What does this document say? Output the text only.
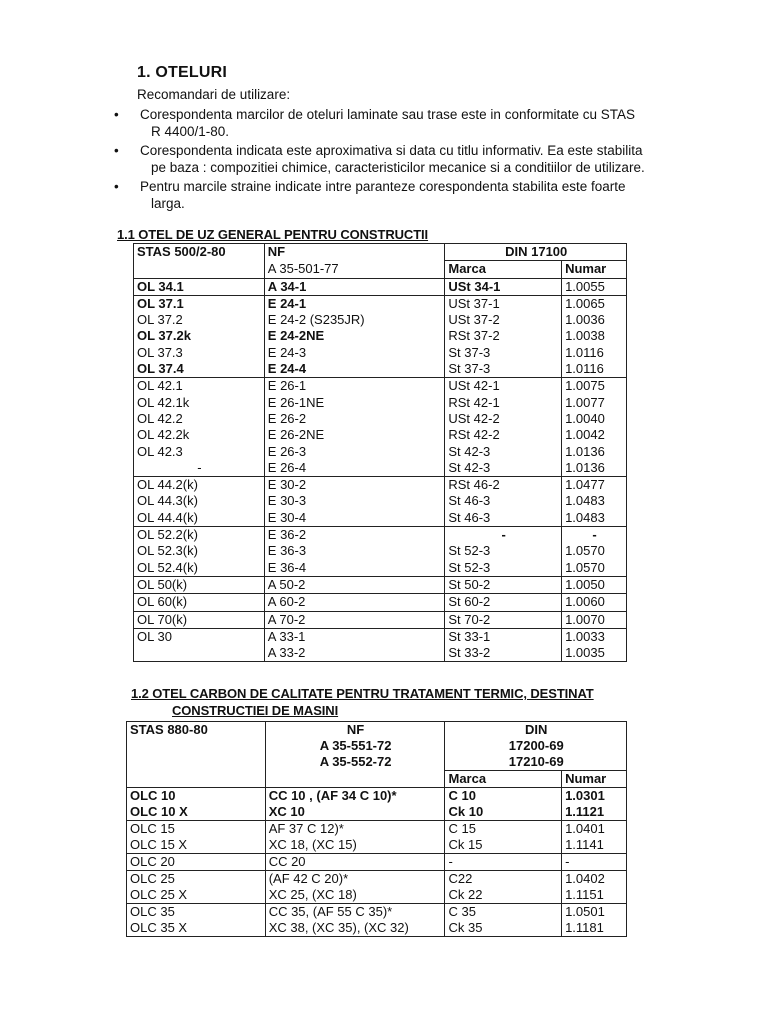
1. OTELURI
Recomandari de utilizare:
• Corespondenta marcilor de oteluri laminate sau trase este in conformitate cu STAS
R 4400/1-80.
• Corespondenta indicata este aproximativa si data cu titlu informativ. Ea este stabilita
pe baza : compozitiei chimice, caracteristicilor mecanice si a conditiilor de utilizare.
• Pentru marcile straine indicate intre paranteze corespondenta stabilita este foarte
larga.
1.1 OTEL DE UZ GENERAL PENTRU CONSTRUCTII
STAS 500/2-80	NF	DIN 17100	
	A 35-501-77	Marca	Numar
OL 34.1	A 34-1	USt 34-1	1.0055
OL 37.1	E 24-1	USt 37-1	1.0065
OL 37.2	E 24-2 (S235JR)	USt 37-2	1.0036
OL 37.2k	E 24-2NE	RSt 37-2	1.0038
OL 37.3	E 24-3	St 37-3	1.0116
OL 37.4	E 24-4	St 37-3	1.0116
OL 42.1	E 26-1	USt 42-1	1.0075
OL 42.1k	E 26-1NE	RSt 42-1	1.0077
OL 42.2	E 26-2	USt 42-2	1.0040
OL 42.2k	E 26-2NE	RSt 42-2	1.0042
OL 42.3	E 26-3	St 42-3	1.0136
-	E 26-4	St 42-3	1.0136
OL 44.2(k)	E 30-2	RSt 46-2	1.0477
OL 44.3(k)	E 30-3	St 46-3	1.0483
OL 44.4(k)	E 30-4	St 46-3	1.0483
OL 52.2(k)	E 36-2	-	-
OL 52.3(k)	E 36-3	St 52-3	1.0570
OL 52.4(k)	E 36-4	St 52-3	1.0570
OL 50(k)	A 50-2	St 50-2	1.0050
OL 60(k)	A 60-2	St 60-2	1.0060
OL 70(k)	A 70-2	St 70-2	1.0070
OL 30	A 33-1	St 33-1	1.0033
	A 33-2	St 33-2	1.0035
1.2 OTEL CARBON DE CALITATE PENTRU TRATAMENT TERMIC, DESTINAT
CONSTRUCTIEI DE MASINI
STAS 880-80	NF	DIN	
	A 35-551-72	17200-69	
	A 35-552-72	17210-69	
		Marca	Numar
OLC 10	CC 10 , (AF 34 C 10)*	C 10	1.0301
OLC 10 X	XC 10	Ck 10	1.1121
OLC 15	AF 37 C 12)*	C 15	1.0401
OLC 15 X	XC 18, (XC 15)	Ck 15	1.1141
OLC 20	CC 20	-	-
OLC 25	(AF 42 C 20)*	C22	1.0402
OLC 25 X	XC 25, (XC 18)	Ck 22	1.1151
OLC 35	CC 35, (AF 55 C 35)*	C 35	1.0501
OLC 35 X	XC 38, (XC 35), (XC 32)	Ck 35	1.1181
